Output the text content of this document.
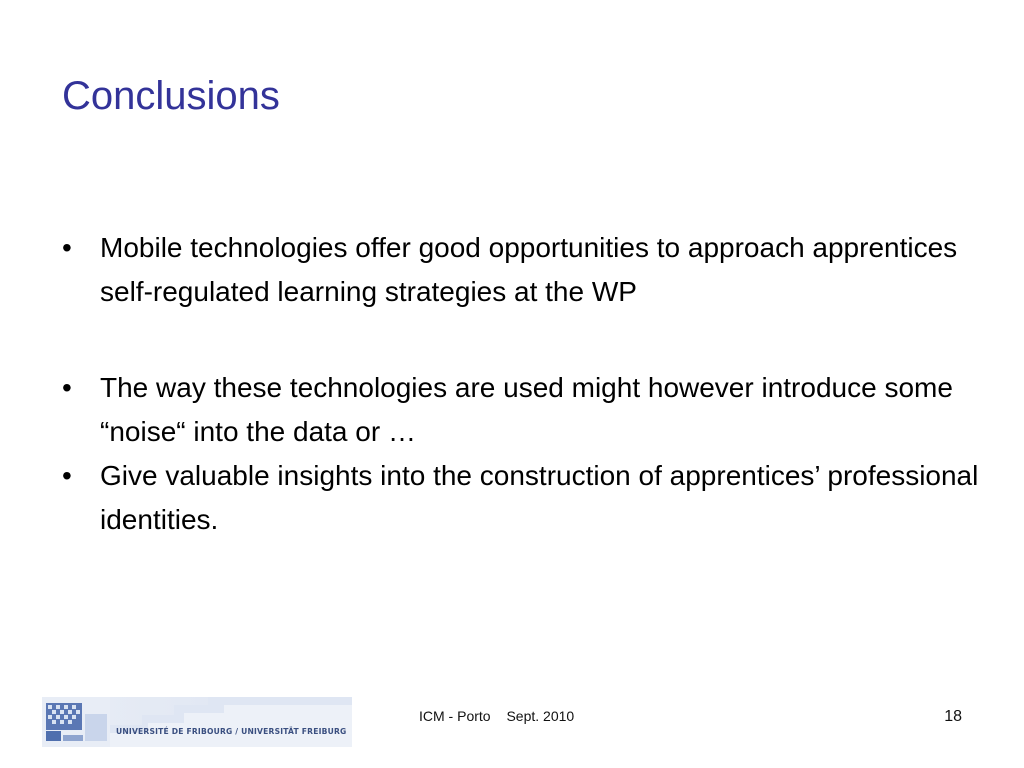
Conclusions
•	Mobile technologies offer good opportunities to approach apprentices self-regulated learning strategies at the WP
•	The way these technologies are used might however introduce some “noise“ into the data or …
•	Give valuable insights into the construction of apprentices’ professional identities.
UNIVERSITÉ DE FRIBOURG / UNIVERSITÄT FREIBURG
ICM - Porto Sept. 2010	18
